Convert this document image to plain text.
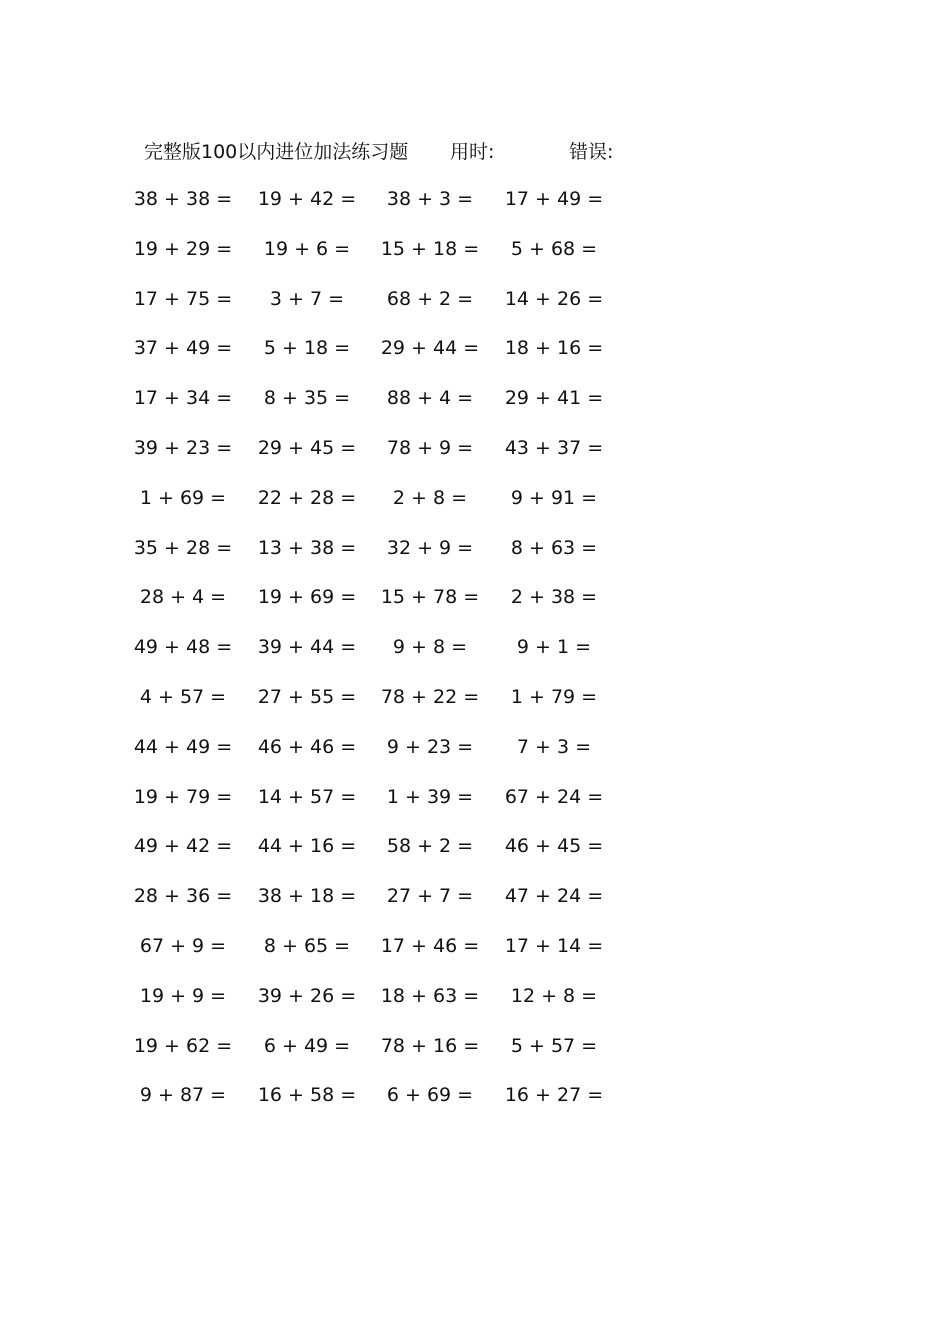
完整版100以内进位加法练习题 用时:	错误:
38 + 38 =	19 + 42 =	38 + 3 =	17 + 49 =
19 + 29 =	19 + 6 =	15 + 18 =	5 + 68 =
17 + 75 =	3 + 7 =	68 + 2 =	14 + 26 =
37 + 49 =	5 + 18 =	29 + 44 =	18 + 16 =
17 + 34 =	8 + 35 =	88 + 4 =	29 + 41 =
39 + 23 =	29 + 45 =	78 + 9 =	43 + 37 =
1 + 69 =	22 + 28 =	2 + 8 =	9 + 91 =
35 + 28 =	13 + 38 =	32 + 9 =	8 + 63 =
28 + 4 =	19 + 69 =	15 + 78 =	2 + 38 =
49 + 48 =	39 + 44 =	9 + 8 =	9 + 1 =
4 + 57 =	27 + 55 =	78 + 22 =	1 + 79 =
44 + 49 =	46 + 46 =	9 + 23 =	7 + 3 =
19 + 79 =	14 + 57 =	1 + 39 =	67 + 24 =
49 + 42 =	44 + 16 =	58 + 2 =	46 + 45 =
28 + 36 =	38 + 18 =	27 + 7 =	47 + 24 =
67 + 9 =	8 + 65 =	17 + 46 =	17 + 14 =
19 + 9 =	39 + 26 =	18 + 63 =	12 + 8 =
19 + 62 =	6 + 49 =	78 + 16 =	5 + 57 =
9 + 87 =	16 + 58 =	6 + 69 =	16 + 27 =
